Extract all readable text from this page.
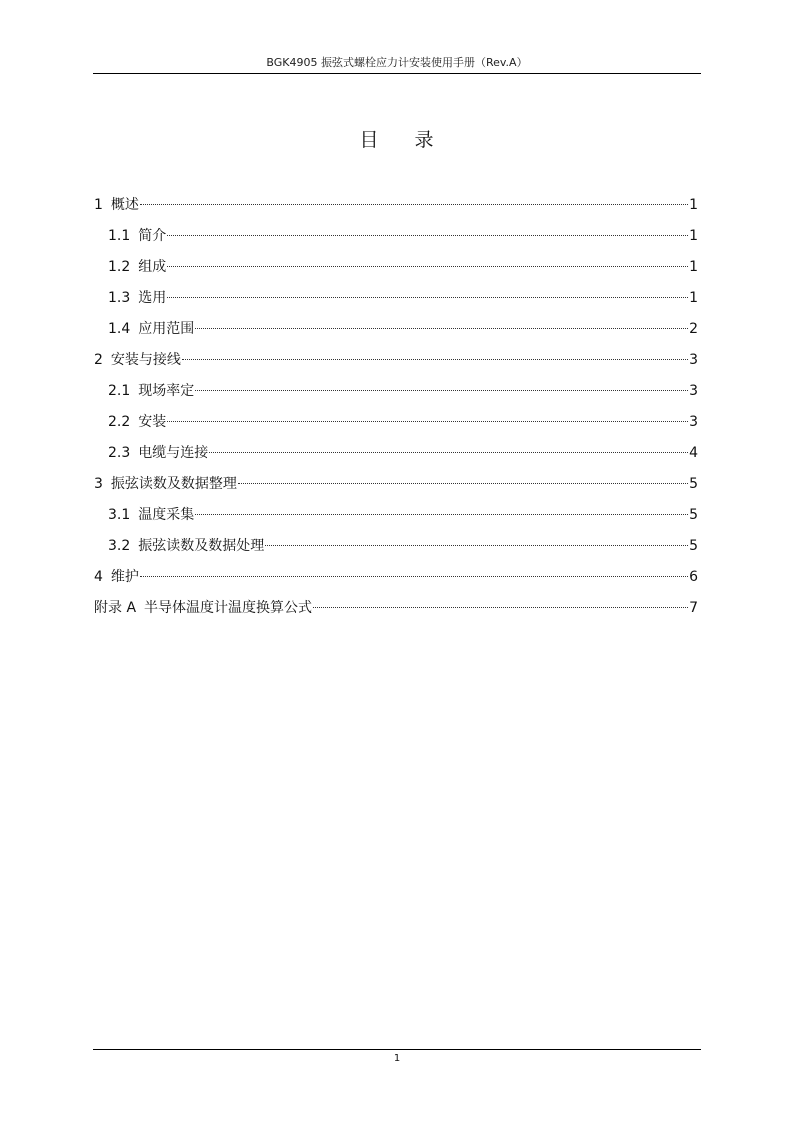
BGK4905 振弦式螺栓应力计安装使用手册（Rev.A）
目录
1 概述	1
1.1 简介	1
1.2 组成	1
1.3 选用	1
1.4 应用范围	2
2 安装与接线	3
2.1 现场率定	3
2.2 安装	3
2.3 电缆与连接	4
3 振弦读数及数据整理	5
3.1 温度采集	5
3.2 振弦读数及数据处理	5
4 维护	6
附录 A 半导体温度计温度换算公式	7
1
